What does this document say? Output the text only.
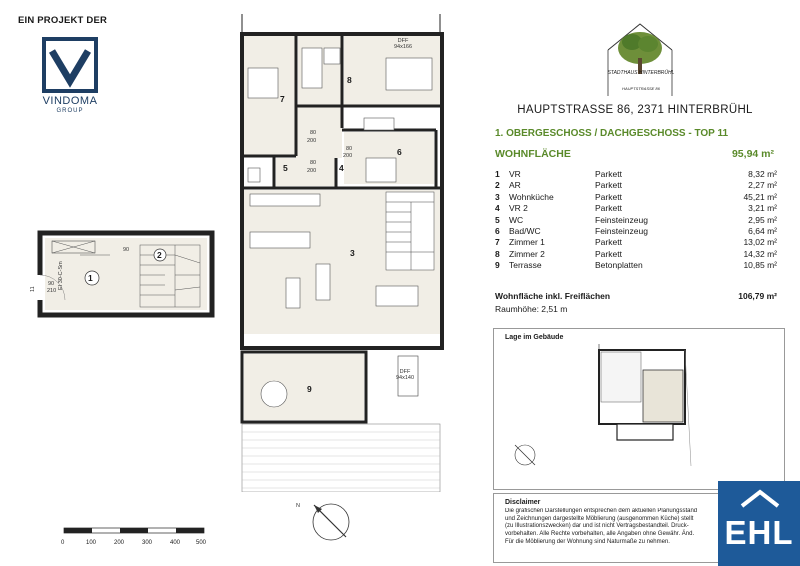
EIN PROJEKT DER
VINDOMA
GROUP
1
2
90
90
210
EI 30-C-Sm
11
7
8
6
5	4
3
9
80
200
80
200
80
200
DFF
94x166
DFF
94x140
N
0	100	200	300	400	500
STADTHAUS HINTERBRÜHL
HAUPTSTRASSE 86
HAUPTSTRASSE 86, 2371 HINTERBRÜHL
1. OBERGESCHOSS / DACHGESCHOSS - TOP 11
WOHNFLÄCHE	95,94 m²
1	VR	Parkett	8,32 m²
2	AR	Parkett	2,27 m²
3	Wohnküche	Parkett	45,21 m²
4	VR 2	Parkett	3,21 m²
5	WC	Feinsteinzeug	2,95 m²
6	Bad/WC	Feinsteinzeug	6,64 m²
7	Zimmer 1	Parkett	13,02 m²
8	Zimmer 2	Parkett	14,32 m²
9	Terrasse	Betonplatten	10,85 m²
Wohnfläche inkl. Freiflächen	106,79 m²
Raumhöhe: 2,51 m
Lage im Gebäude
Disclaimer
Die grafischen Darstellungen entsprechen dem aktuellen Planungsstand
und Zeichnungen dargestellte Möblierung (ausgenommen Küche) stellt
(zu Illustrationszwecken) dar und ist nicht Vertragsbestandteil. Druck-
vorbehalten. Alle Rechte vorbehalten, alle Angaben ohne Gewähr. Änd.
Für die Möblierung der Wohnung sind Naturmaße zu nehmen.	EHL
